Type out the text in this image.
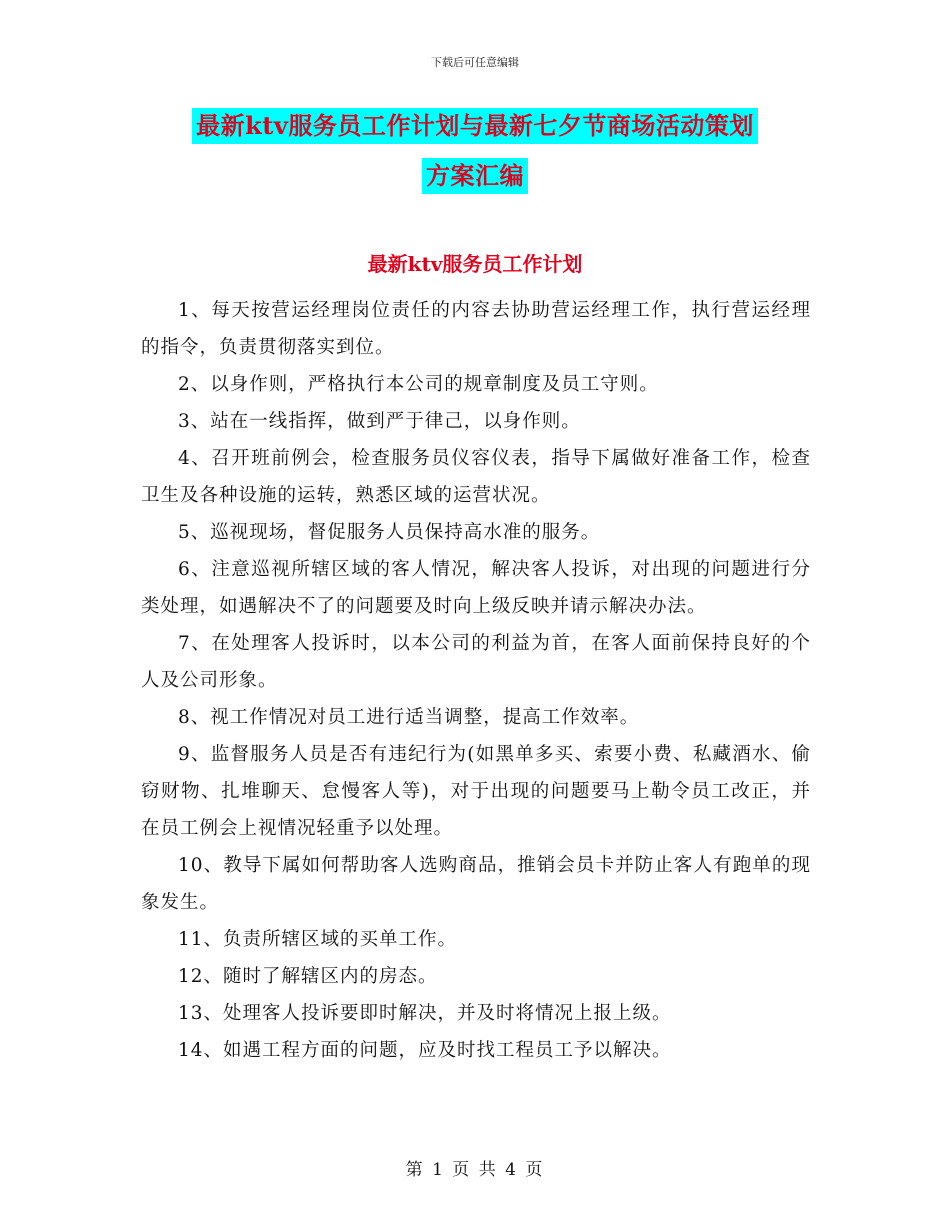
下载后可任意编辑
最新ktv服务员工作计划与最新七夕节商场活动策划
方案汇编
最新ktv服务员工作计划

1、每天按营运经理岗位责任的内容去协助营运经理工作，执行营运经理的指令，负责贯彻落实到位。

2、以身作则，严格执行本公司的规章制度及员工守则。

3、站在一线指挥，做到严于律己，以身作则。

4、召开班前例会，检查服务员仪容仪表，指导下属做好准备工作，检查卫生及各种设施的运转，熟悉区域的运营状况。

5、巡视现场，督促服务人员保持高水准的服务。

6、注意巡视所辖区域的客人情况，解决客人投诉，对出现的问题进行分类处理，如遇解决不了的问题要及时向上级反映并请示解决办法。

7、在处理客人投诉时，以本公司的利益为首，在客人面前保持良好的个人及公司形象。

8、视工作情况对员工进行适当调整，提高工作效率。

9、监督服务人员是否有违纪行为(如黑单多买、索要小费、私藏酒水、偷窃财物、扎堆聊天、怠慢客人等)，对于出现的问题要马上勒令员工改正，并在员工例会上视情况轻重予以处理。

10、教导下属如何帮助客人选购商品，推销会员卡并防止客人有跑单的现象发生。

11、负责所辖区域的买单工作。

12、随时了解辖区内的房态。

13、处理客人投诉要即时解决，并及时将情况上报上级。

14、如遇工程方面的问题，应及时找工程员工予以解决。

第 1 页 共 4 页
